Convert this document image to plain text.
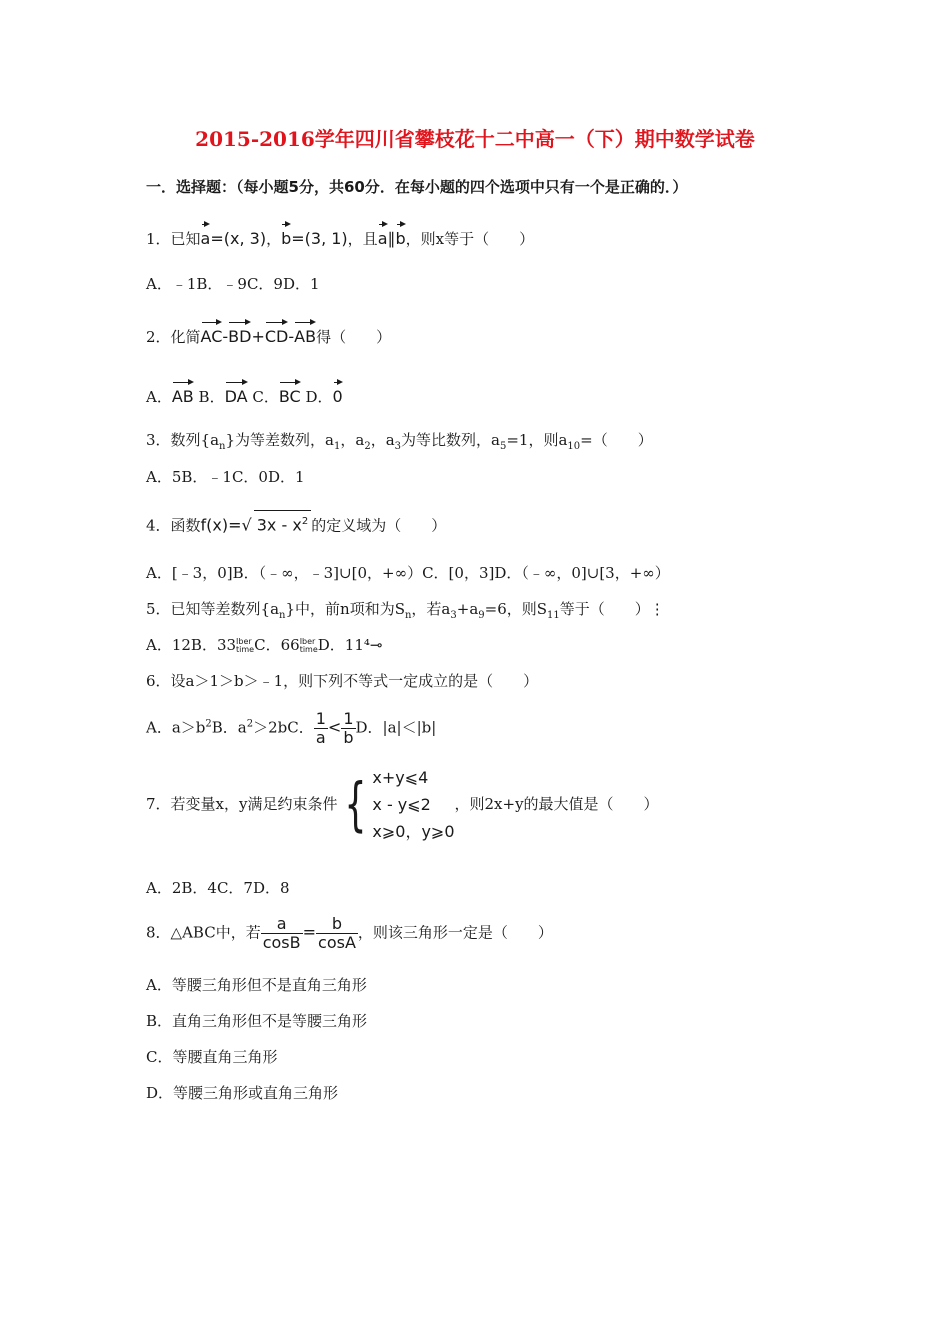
2015-2016学年四川省攀枝花十二中高一（下）期中数学试卷
一．选择题：（每小题5分，共60分．在每小题的四个选项中只有一个是正确的．）
1．已知a=(x, 3)，b=(3, 1)，且a∥b，则x等于（　　）
A．﹣1B．﹣9C．9D．1
2．化简AC-BD+CD-AB得（　　）
A．AB B．DA C．BC D．0
3．数列$\{a_n\}$为等差数列，$a_1$，$a_2$，$a_3$为等比数列，$a_5=1$，则$a_{10}=$（　　）
A．5B．﹣1C．0D．1
4．函数f(x)=√ $3x - x^2$ 的定义域为（　　）
A．[﹣3，0]B．（﹣∞，﹣3]∪[0，+∞）C．[0，3]D．（﹣∞，0]∪[3，+∞）
5．已知等差数列$\{a_n\}$中，前n项和为$S_n$，若$a_3+a_9=6$，则$S_{11}$等于（　　）⋮
A．12B．33Iber
timeC．66Iber
timeD．11⁴⊸
6．设a＞1＞b＞﹣1，则下列不等式一定成立的是（　　）
A．$a>b^2B$．$a^2>2bC$． $\frac{1}{a} < \frac{1}{b}$ D．|a|＜|b|
7．若变量x，y满足约束条件 { x+y⩽4
x - y⩽2
x⩾0，y⩾0
，则2x+y的最大值是（　　）
A．2B．4C．7D．8
8．△ABC中，若 $\frac{a}{\cos B} = \frac{b}{\cos A}$ ，则该三角形一定是（　　）
A．等腰三角形但不是直角三角形
B．直角三角形但不是等腰三角形
C．等腰直角三角形
D．等腰三角形或直角三角形
